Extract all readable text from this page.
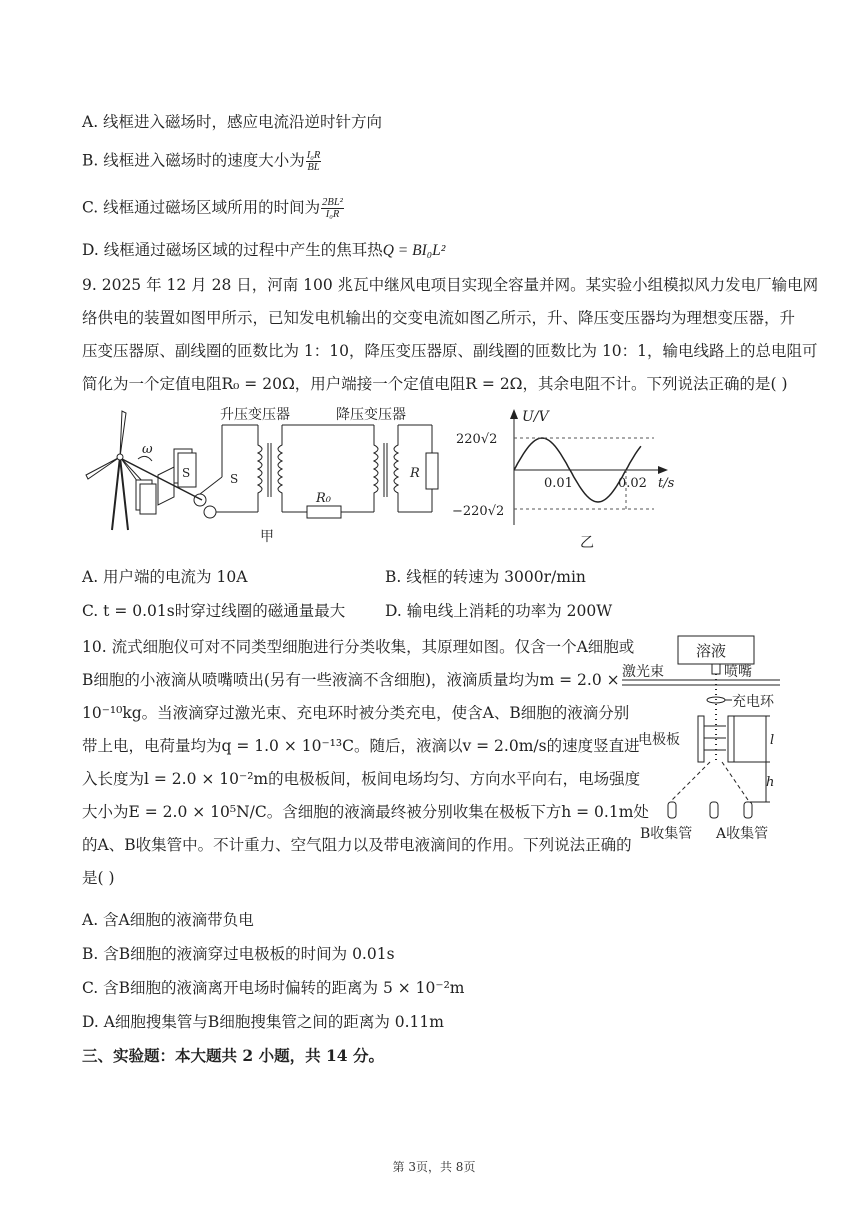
A. 线框进入磁场时，感应电流沿逆时针方向
B. 线框进入磁场时的速度大小为 $\frac{\text{I₀R}}{BL}$
C. 线框通过磁场区域所用的时间为 $\frac{\text{2BL²}}{\text{I₀R}}$
D. 线框通过磁场区域的过程中产生的焦耳热Q = BI₀L²
9. 2025 年 12 月 28 日，河南 100 兆瓦中继风电项目实现全容量并网。某实验小组模拟风力发电厂输电网
络供电的装置如图甲所示，已知发电机输出的交变电流如图乙所示，升、降压变压器均为理想变压器，升
压变压器原、副线圈的匝数比为 1：10，降压变压器原、副线圈的匝数比为 10：1，输电线路上的总电阻可
简化为一个定值电阻R₀ = 20Ω，用户端接一个定值电阻R = 2Ω，其余电阻不计。下列说法正确的是( )
ω
S	S
升压变压器
R₀
降压变压器
R
甲
U/V
t/s
220√2
−220√2
0.01	0.02
乙
A. 用户端的电流为 10A	B. 线框的转速为 3000r/min
C. t = 0.01s时穿过线圈的磁通量最大	D. 输电线上消耗的功率为 200W
10. 流式细胞仪可对不同类型细胞进行分类收集，其原理如图。仅含一个A细胞或
B细胞的小液滴从喷嘴喷出(另有一些液滴不含细胞)，液滴质量均为m = 2.0 ×
10⁻¹⁰kg。当液滴穿过激光束、充电环时被分类充电，使含A、B细胞的液滴分别
带上电，电荷量均为q = 1.0 × 10⁻¹³C。随后，液滴以v = 2.0m/s的速度竖直进
入长度为l = 2.0 × 10⁻²m的电极板间，板间电场均匀、方向水平向右，电场强度
大小为E = 2.0 × 10⁵N/C。含细胞的液滴最终被分别收集在极板下方h = 0.1m处
的A、B收集管中。不计重力、空气阻力以及带电液滴间的作用。下列说法正确的
是( )
溶液
激光束	喷嘴
充电环
电极板	l
h
B收集管 A收集管
A. 含A细胞的液滴带负电
B. 含B细胞的液滴穿过电极板的时间为 0.01s
C. 含B细胞的液滴离开电场时偏转的距离为 5 × 10⁻²m
D. A细胞搜集管与B细胞搜集管之间的距离为 0.11m
三、实验题：本大题共 2 小题，共 14 分。
第 3页，共 8页
